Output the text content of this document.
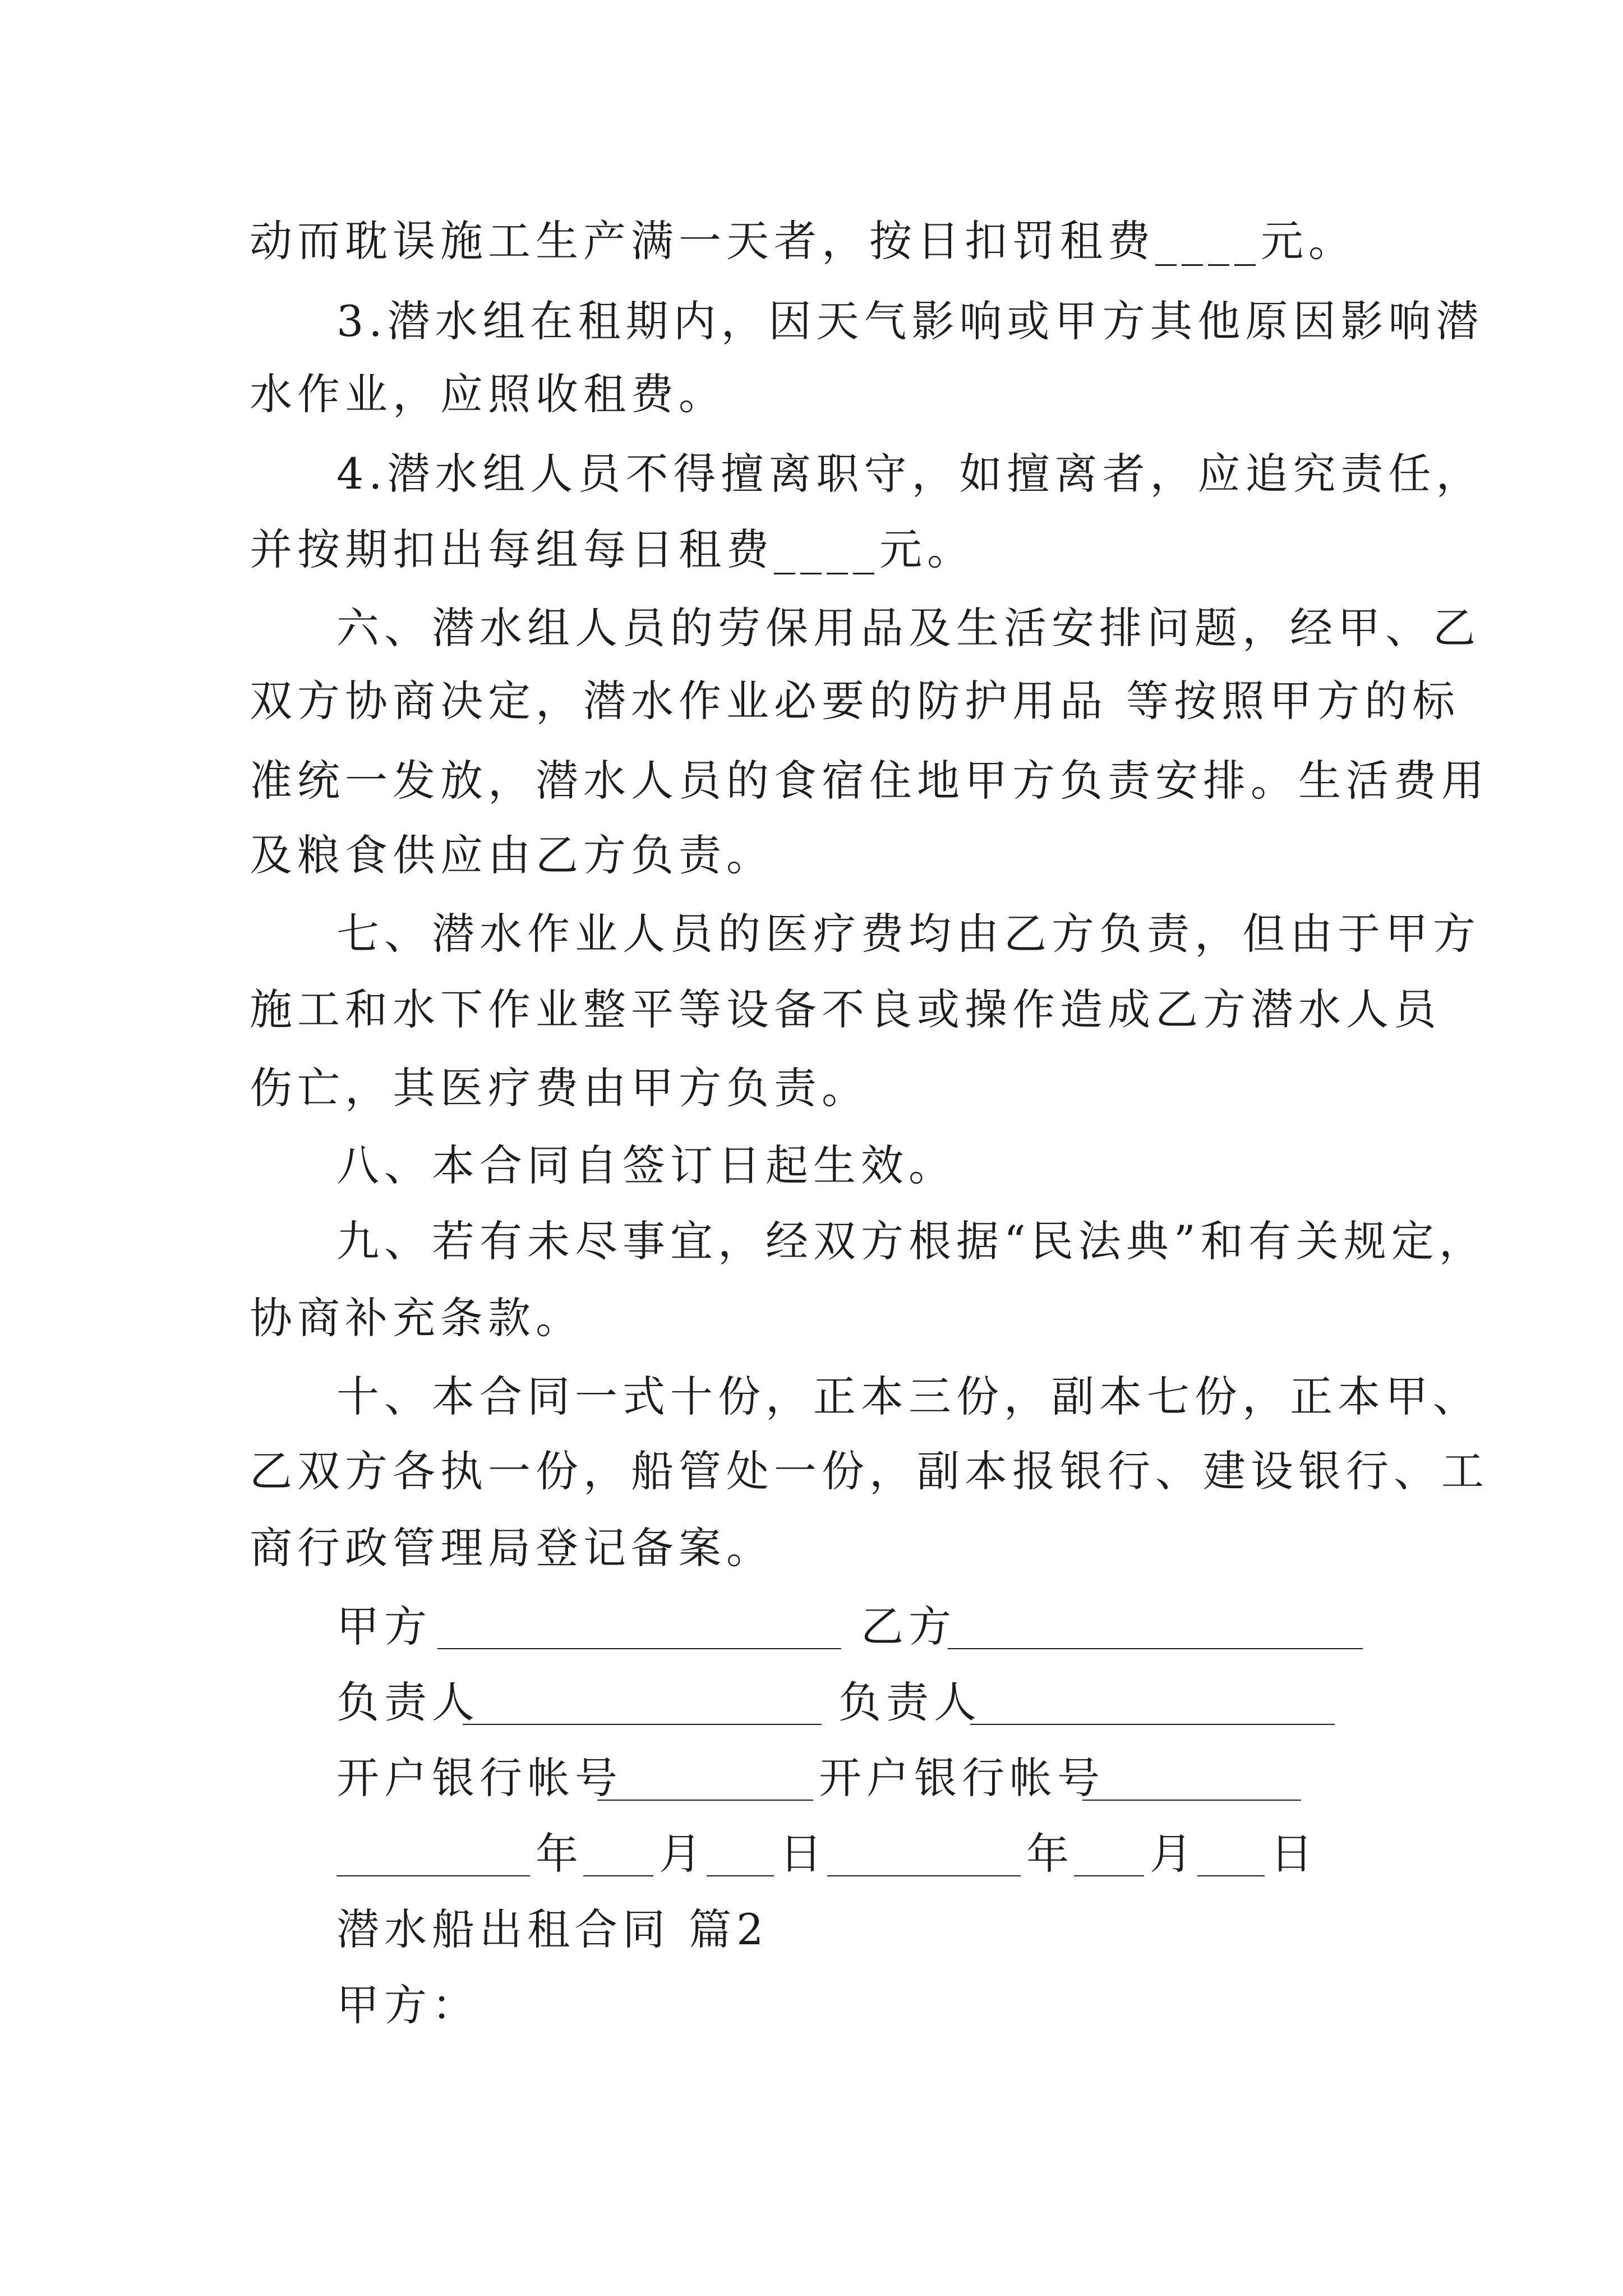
动而耽误施工生产满一天者，按日扣罚租费____元。
3.潜水组在租期内，因天气影响或甲方其他原因影响潜
水作业，应照收租费。
4.潜水组人员不得擅离职守，如擅离者，应追究责任，
并按期扣出每组每日租费____元。
六、潜水组人员的劳保用品及生活安排问题，经甲、乙
双方协商决定，潜水作业必要的防护用品 等按照甲方的标
准统一发放，潜水人员的食宿住地甲方负责安排。生活费用
及粮食供应由乙方负责。
七、潜水作业人员的医疗费均由乙方负责，但由于甲方
施工和水下作业整平等设备不良或操作造成乙方潜水人员
伤亡，其医疗费由甲方负责。
八、本合同自签订日起生效。
九、若有未尽事宜，经双方根据“民法典”和有关规定，
协商补充条款。
十、本合同一式十份，正本三份，副本七份，正本甲、
乙双方各执一份，船管处一份，副本报银行、建设银行、工
商行政管理局登记备案。
甲方	乙方
负责人	负责人
开户银行帐号	开户银行帐号
年 月 日	年 月 日
潜水船出租合同 篇2
甲方：
